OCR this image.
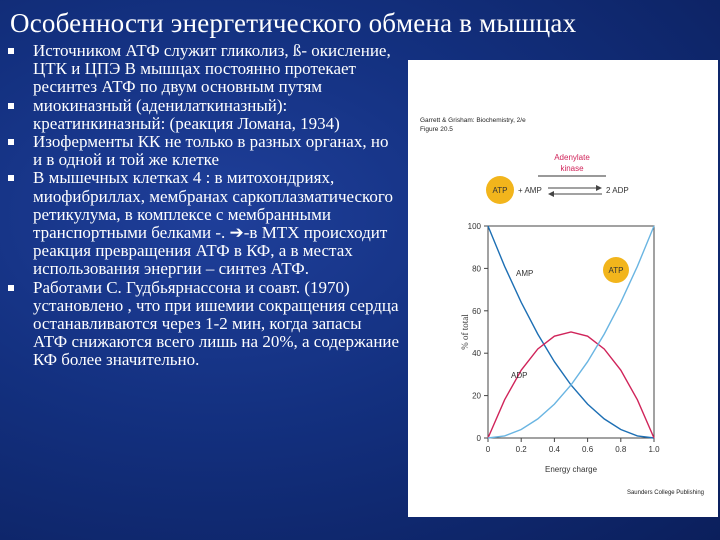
Особенности энергетического обмена в мышцах
Источником АТФ служит гликолиз, ß- окисление, ЦТК и ЦПЭ В мышцах постоянно протекает ресинтез АТФ по двум основным путям
миокиназный (аденилаткиназный): креатинкиназный: (реакция Ломана, 1934)
Изоферменты КК не только в разных органах, но и в одной и той же клетке
В мышечных клетках 4 : в митохондриях, миофибриллах, мембранах саркоплазматического ретикулума, в комплексе с мембранными транспортными белками -. ➔-в МТХ происходит реакция превращения АТФ в КФ, а в местах использования энергии – синтез АТФ.
Работами С. Гудбьярнассона и соавт. (1970) установлено , что при ишемии сокращения сердца останавливаются через 1-2 мин, когда запасы АТФ снижаются всего лишь на 20%, а содержание КФ более значительно.
Garrett & Grisham: Biochemistry, 2/e
Figure 20.5
Adenylate
kinase
ATP + AMP	2 ADP
0
20
40
60
80
100
0	0.2	0.4	0.6	0.8	1.0
% of total
Energy charge
AMP
ADP
ATP
Saunders College Publishing
